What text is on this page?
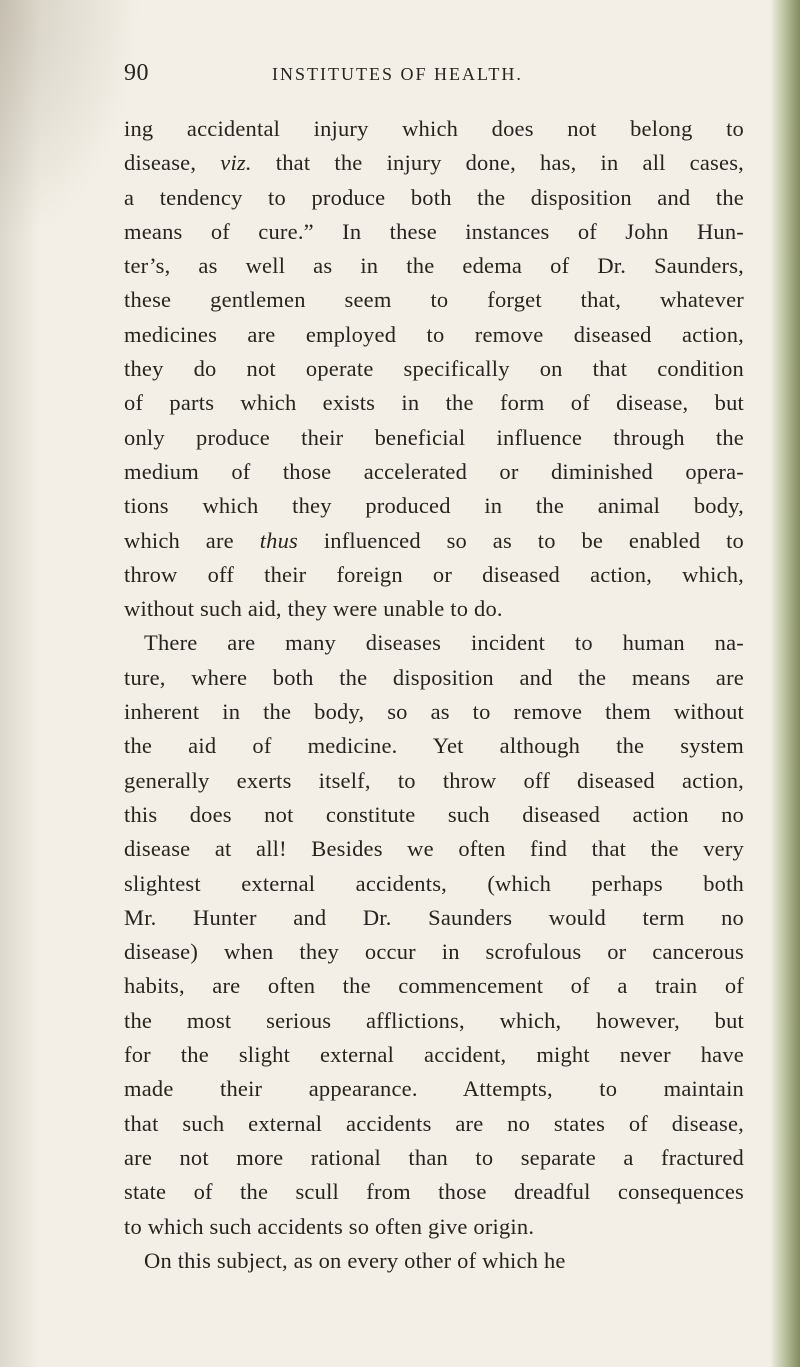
90	INSTITUTES OF HEALTH.
ing accidental injury which does not belong to
disease, viz. that the injury done, has, in all cases,
a tendency to produce both the disposition and the
means of cure.” In these instances of John Hun-
ter’s, as well as in the edema of Dr. Saunders,
these gentlemen seem to forget that, whatever
medicines are employed to remove diseased action,
they do not operate specifically on that condition
of parts which exists in the form of disease, but
only produce their beneficial influence through the
medium of those accelerated or diminished opera-
tions which they produced in the animal body,
which are thus influenced so as to be enabled to
throw off their foreign or diseased action, which,
without such aid, they were unable to do.
There are many diseases incident to human na-
ture, where both the disposition and the means are
inherent in the body, so as to remove them without
the aid of medicine. Yet although the system
generally exerts itself, to throw off diseased action,
this does not constitute such diseased action no
disease at all! Besides we often find that the very
slightest external accidents, (which perhaps both
Mr. Hunter and Dr. Saunders would term no
disease) when they occur in scrofulous or cancerous
habits, are often the commencement of a train of
the most serious afflictions, which, however, but
for the slight external accident, might never have
made their appearance. Attempts, to maintain
that such external accidents are no states of disease,
are not more rational than to separate a fractured
state of the scull from those dreadful consequences
to which such accidents so often give origin.
On this subject, as on every other of which he
